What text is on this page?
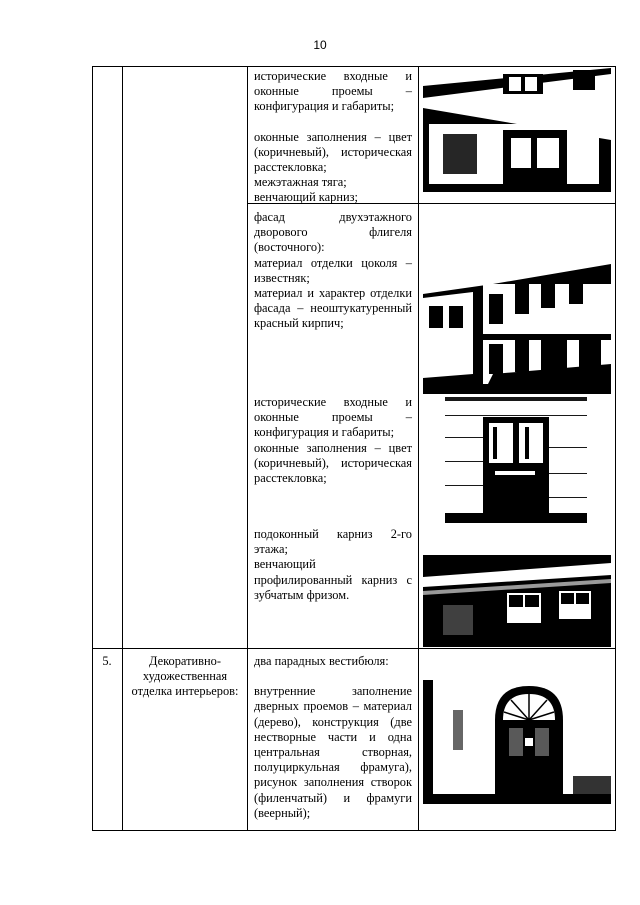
10

исторические входные и оконные проемы – конфигурация и габариты;

оконные заполнения – цвет (коричневый), историческая расстекловка;

межэтажная тяга;

венчающий карниз;

фасад двухэтажного дворового флигеля (восточного):

материал отделки цоколя – известняк;

материал и характер отделки фасада – неоштукатуренный красный кирпич;

исторические входные и оконные проемы – конфигурация и габариты;

оконные заполнения – цвет (коричневый), историческая расстекловка;

подоконный карниз 2-го этажа;

венчающий профилированный карниз с зубчатым фризом.

5.	Декоративно-художественная отделка интерьеров:

два парадных вестибюля:

внутренние заполнение дверных проемов – материал (дерево), конструкция (две нестворные части и одна центральная створная, полуциркульная фрамуга), рисунок заполнения створок (филенчатый) и фрамуги (веерный);
